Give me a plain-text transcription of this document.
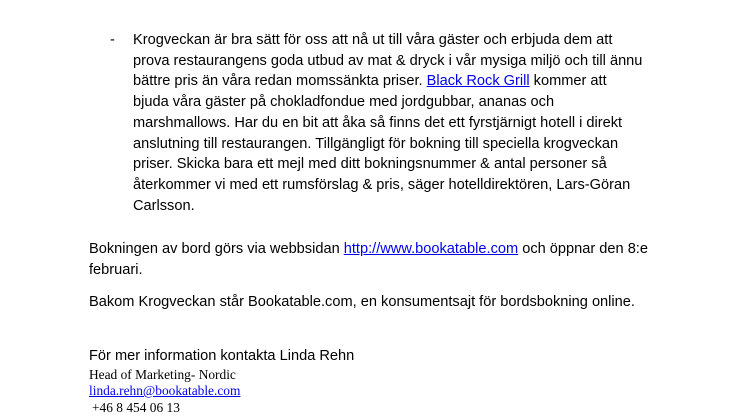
- Krogveckan är bra sätt för oss att nå ut till våra gäster och erbjuda dem att prova restaurangens goda utbud av mat & dryck i vår mysiga miljö och till ännu bättre pris än våra redan momssänkta priser. Black Rock Grill kommer att bjuda våra gäster på chokladfondue med jordgubbar, ananas och marshmallows. Har du en bit att åka så finns det ett fyrstjärnigt hotell i direkt anslutning till restaurangen. Tillgängligt för bokning till speciella krogveckan priser. Skicka bara ett mejl med ditt bokningsnummer & antal personer så återkommer vi med ett rumsförslag & pris, säger hotelldirektören, Lars-Göran Carlsson.

Bokningen av bord görs via webbsidan http://www.bookatable.com och öppnar den 8:e februari.

Bakom Krogveckan står Bookatable.com, en konsumentsajt för bordsbokning online.

För mer information kontakta Linda Rehn
Head of Marketing- Nordic
linda.rehn@bookatable.com
+46 8 454 06 13
